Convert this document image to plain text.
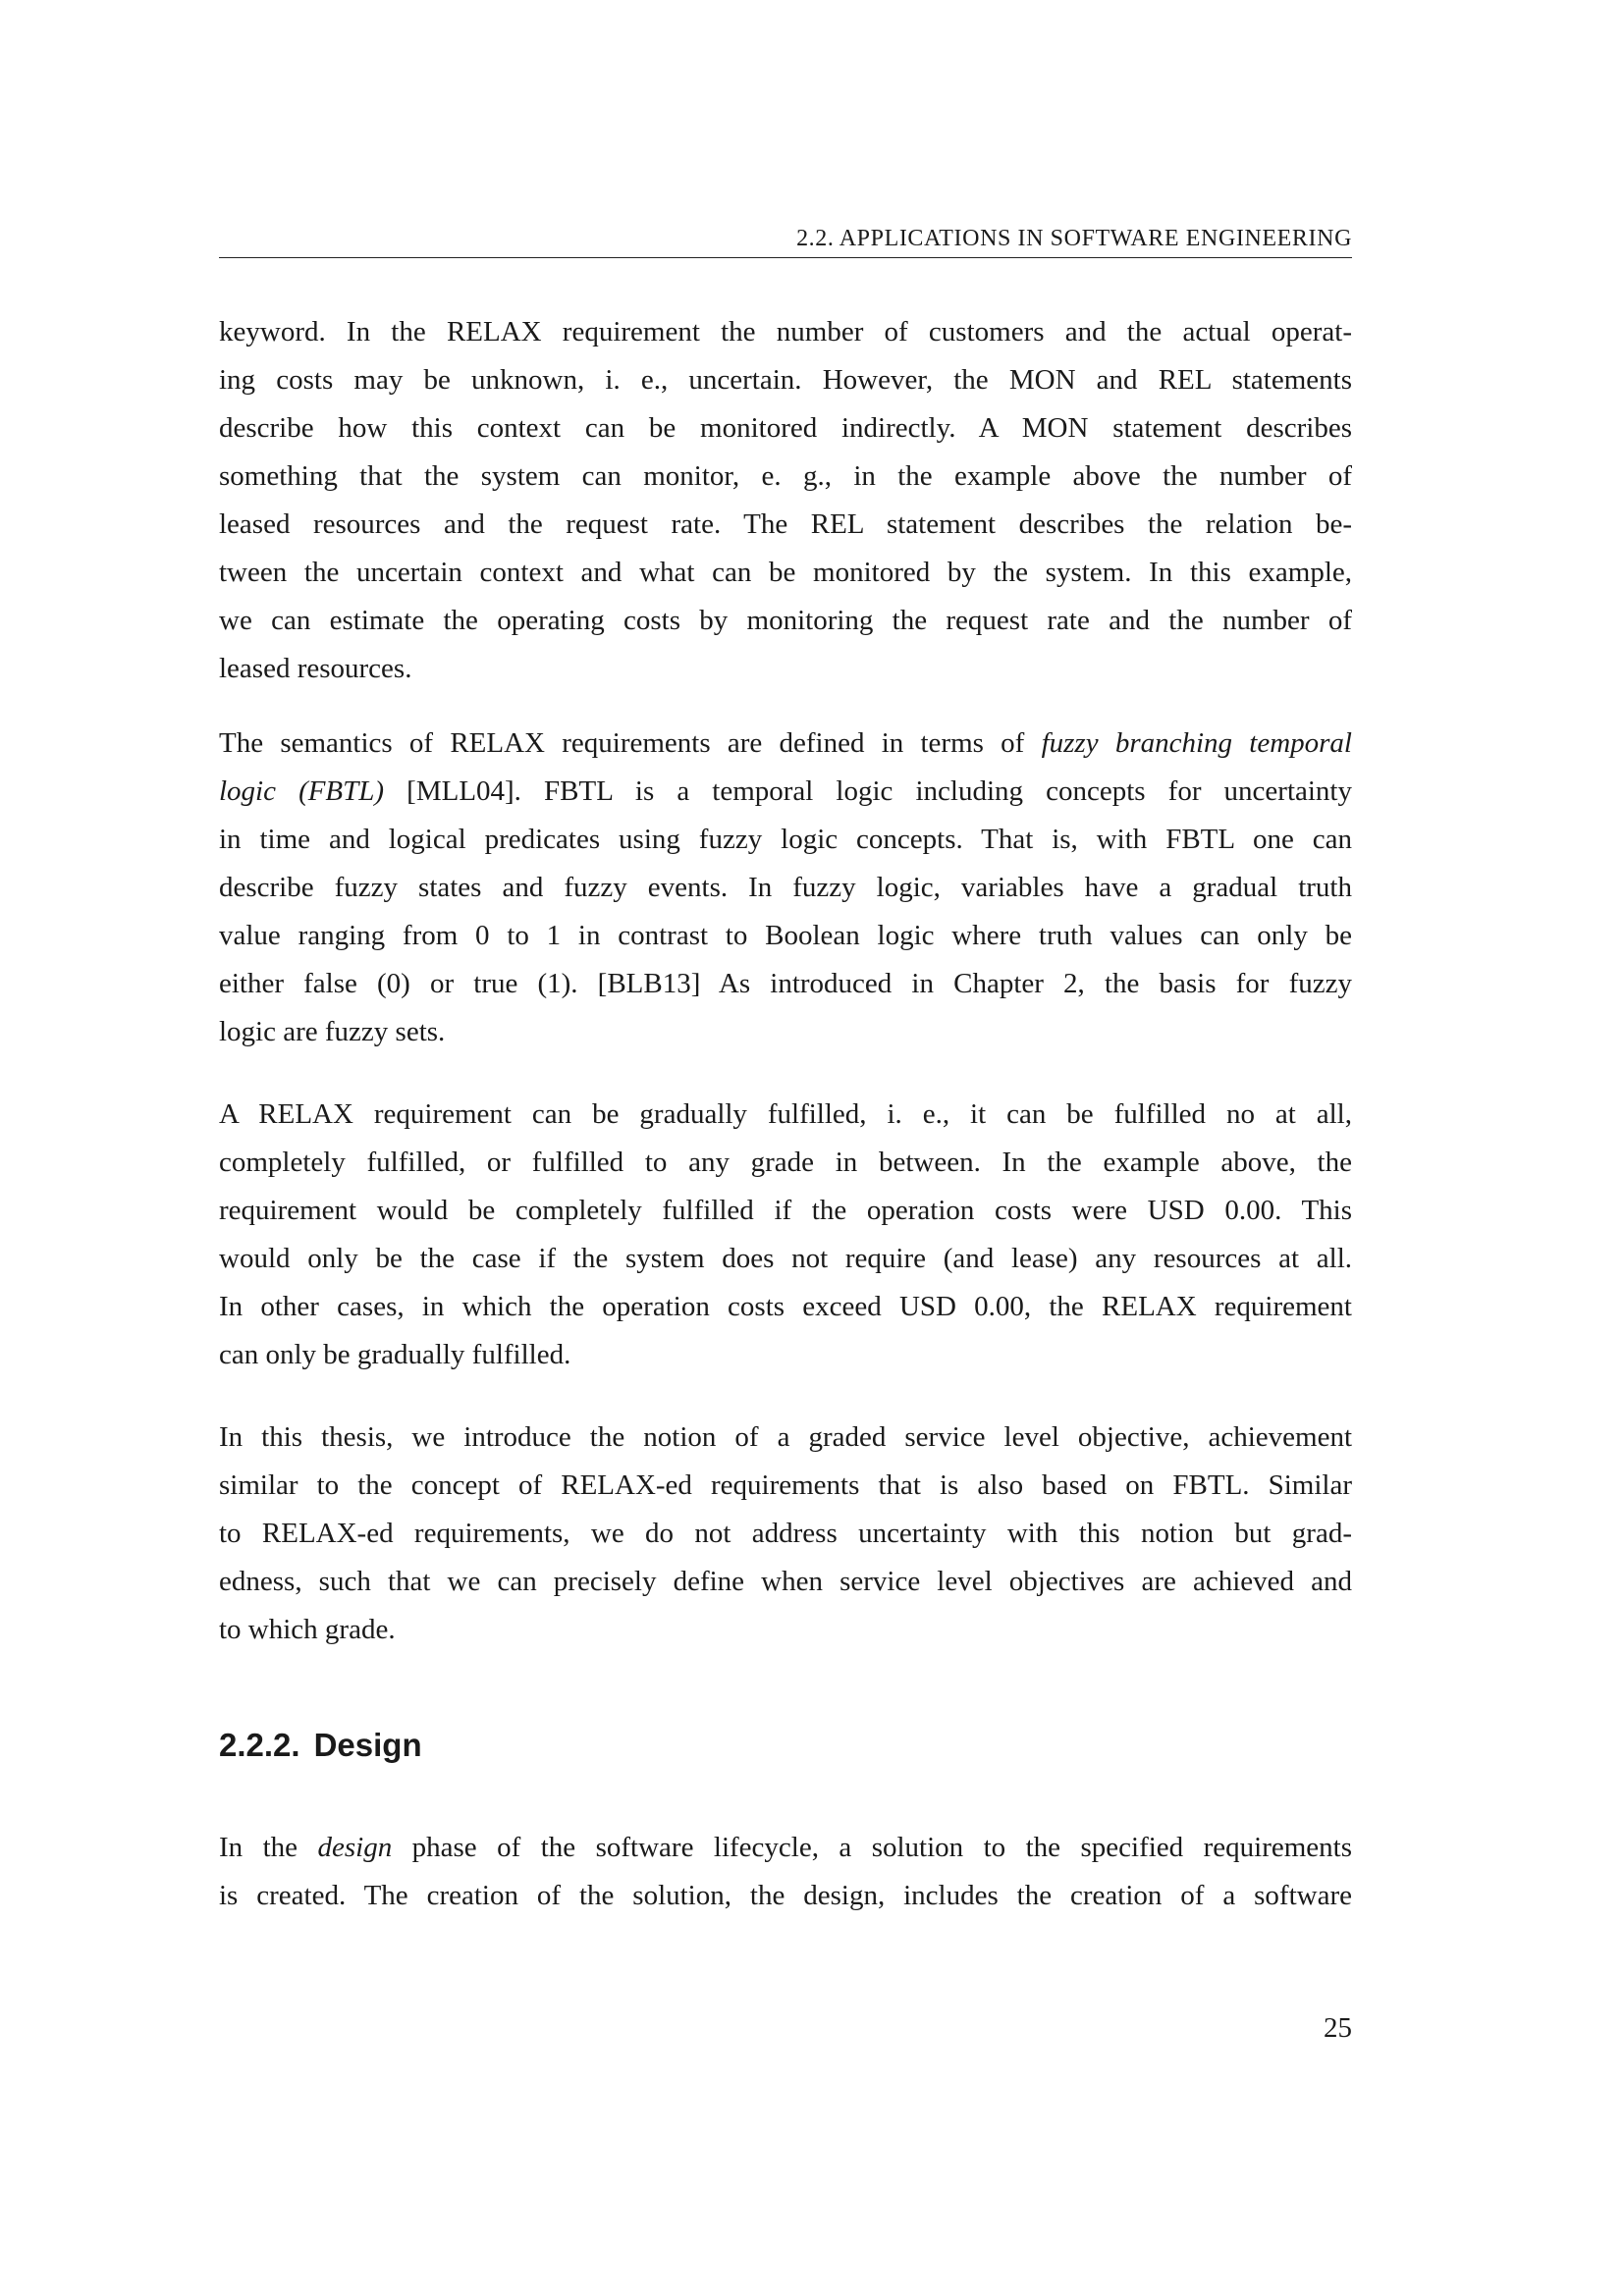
2.2. APPLICATIONS IN SOFTWARE ENGINEERING

keyword. In the RELAX requirement the number of customers and the actual operat-
ing costs may be unknown, i. e., uncertain. However, the MON and REL statements
describe how this context can be monitored indirectly. A MON statement describes
something that the system can monitor, e. g., in the example above the number of
leased resources and the request rate. The REL statement describes the relation be-
tween the uncertain context and what can be monitored by the system. In this example,
we can estimate the operating costs by monitoring the request rate and the number of
leased resources.

The semantics of RELAX requirements are defined in terms of fuzzy branching temporal
logic (FBTL) [MLL04]. FBTL is a temporal logic including concepts for uncertainty
in time and logical predicates using fuzzy logic concepts. That is, with FBTL one can
describe fuzzy states and fuzzy events. In fuzzy logic, variables have a gradual truth
value ranging from 0 to 1 in contrast to Boolean logic where truth values can only be
either false (0) or true (1). [BLB13] As introduced in Chapter 2, the basis for fuzzy
logic are fuzzy sets.

A RELAX requirement can be gradually fulfilled, i. e., it can be fulfilled no at all,
completely fulfilled, or fulfilled to any grade in between. In the example above, the
requirement would be completely fulfilled if the operation costs were USD 0.00. This
would only be the case if the system does not require (and lease) any resources at all.
In other cases, in which the operation costs exceed USD 0.00, the RELAX requirement
can only be gradually fulfilled.

In this thesis, we introduce the notion of a graded service level objective, achievement
similar to the concept of RELAX-ed requirements that is also based on FBTL. Similar
to RELAX-ed requirements, we do not address uncertainty with this notion but grad-
edness, such that we can precisely define when service level objectives are achieved and
to which grade.

2.2.2. Design

In the design phase of the software lifecycle, a solution to the specified requirements
is created. The creation of the solution, the design, includes the creation of a software

25
